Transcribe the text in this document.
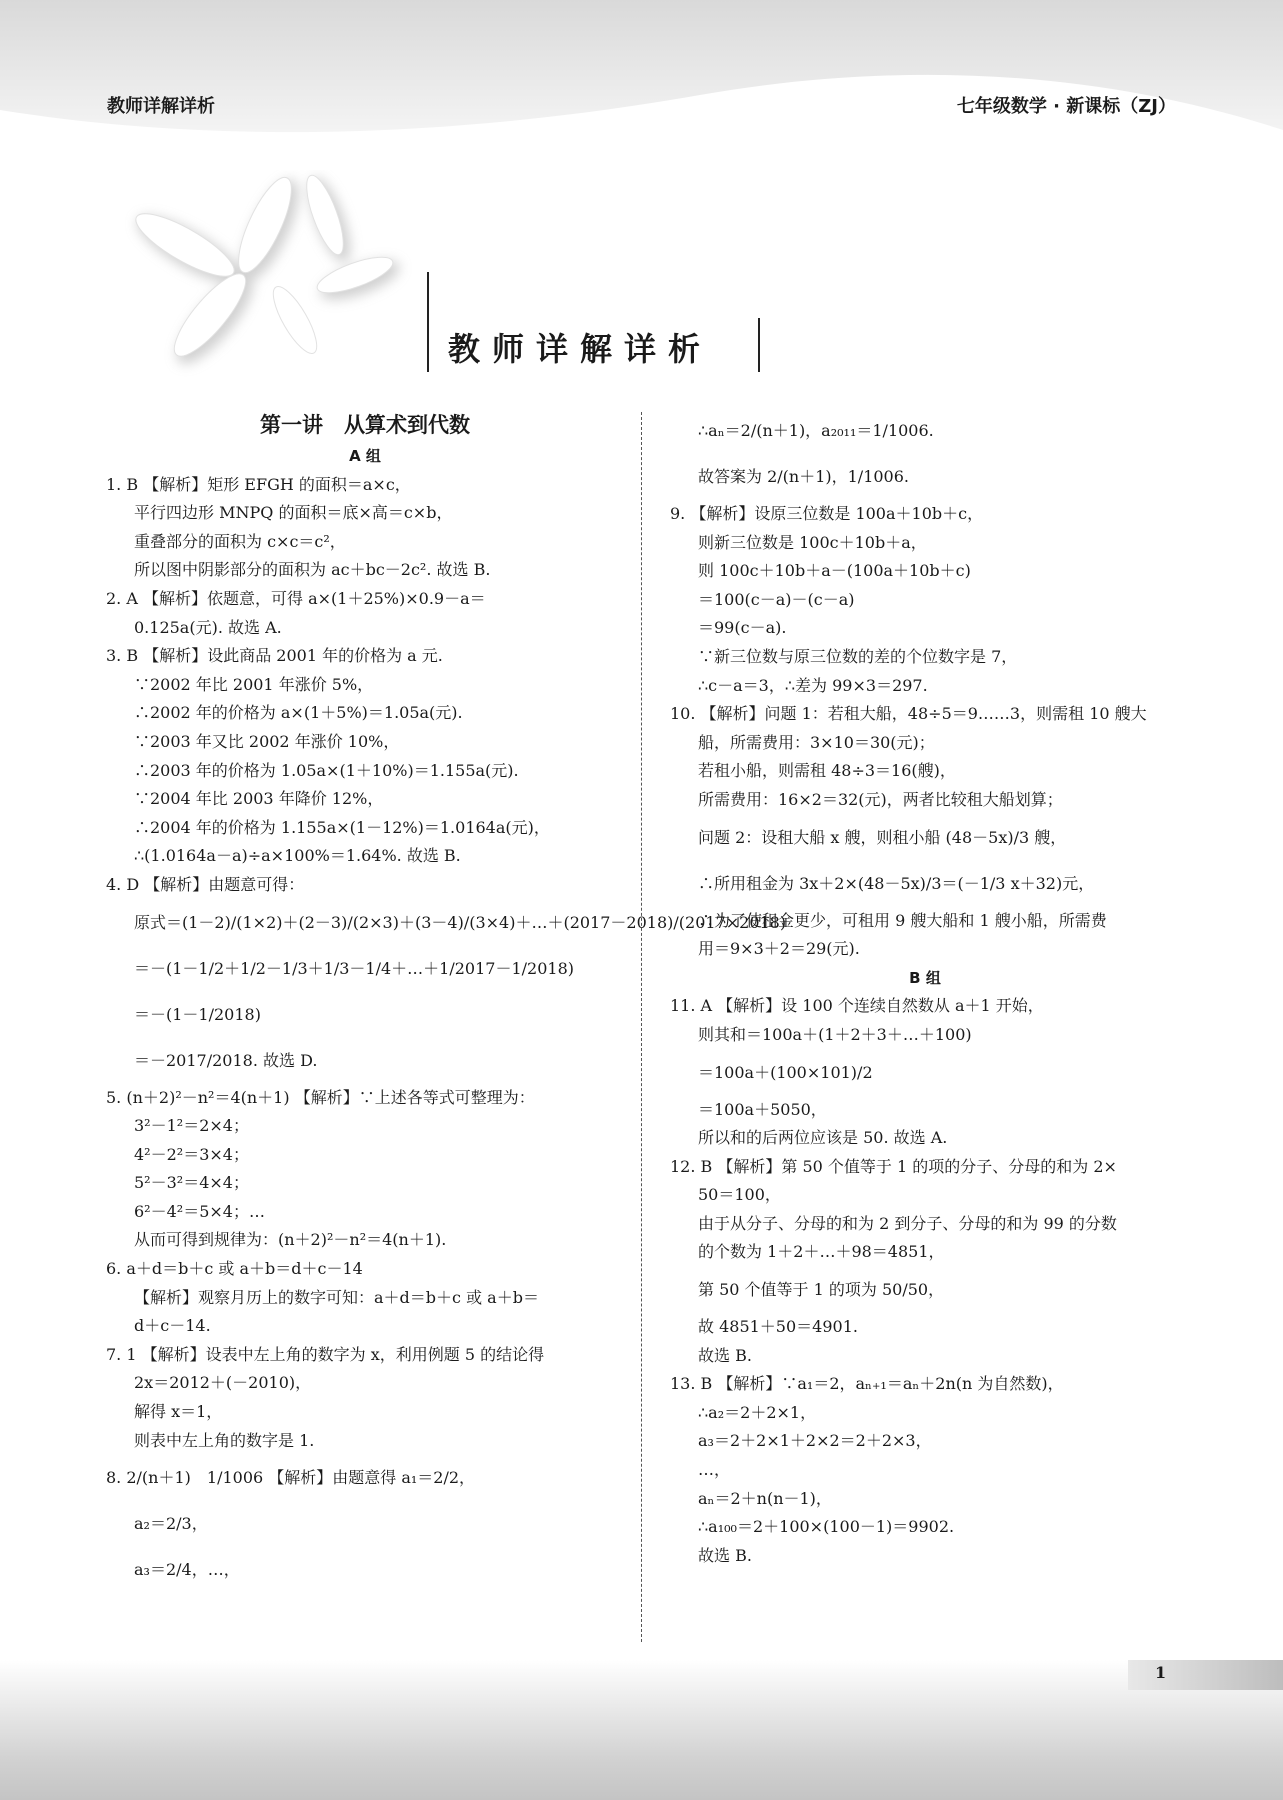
教师详解详析	七年级数学 · 新课标（ZJ）
教师详解详析
第一讲　从算术到代数
A 组
1. B 【解析】矩形 EFGH 的面积＝a×c，
平行四边形 MNPQ 的面积＝底×高＝c×b，
重叠部分的面积为 c×c＝c²，
所以图中阴影部分的面积为 ac＋bc－2c². 故选 B.
2. A 【解析】依题意，可得 a×(1＋25%)×0.9－a＝
0.125a(元). 故选 A.
3. B 【解析】设此商品 2001 年的价格为 a 元.
∵2002 年比 2001 年涨价 5%，
∴2002 年的价格为 a×(1＋5%)＝1.05a(元).
∵2003 年又比 2002 年涨价 10%，
∴2003 年的价格为 1.05a×(1＋10%)＝1.155a(元).
∵2004 年比 2003 年降价 12%，
∴2004 年的价格为 1.155a×(1－12%)＝1.0164a(元)，
∴(1.0164a－a)÷a×100%＝1.64%. 故选 B.
4. D 【解析】由题意可得：
原式＝(1－2)/(1×2)＋(2－3)/(2×3)＋(3－4)/(3×4)＋…＋(2017－2018)/(2017×2018)
＝－(1－1/2＋1/2－1/3＋1/3－1/4＋…＋1/2017－1/2018)
＝－(1－1/2018)
＝－2017/2018. 故选 D.
5. (n＋2)²－n²＝4(n＋1) 【解析】∵上述各等式可整理为：
3²－1²＝2×4；
4²－2²＝3×4；
5²－3²＝4×4；
6²－4²＝5×4；…
从而可得到规律为：(n＋2)²－n²＝4(n＋1).
6. a＋d＝b＋c 或 a＋b＝d＋c－14
【解析】观察月历上的数字可知：a＋d＝b＋c 或 a＋b＝
d＋c－14.
7. 1 【解析】设表中左上角的数字为 x，利用例题 5 的结论得
2x＝2012＋(－2010)，
解得 x＝1，
则表中左上角的数字是 1.
8. 2/(n＋1)　1/1006 【解析】由题意得 a₁＝2/2，
a₂＝2/3，
a₃＝2/4，…，
∴aₙ＝2/(n＋1)，a₂₀₁₁＝1/1006.
故答案为 2/(n＋1)，1/1006.
9. 【解析】设原三位数是 100a＋10b＋c，
则新三位数是 100c＋10b＋a，
则 100c＋10b＋a－(100a＋10b＋c)
＝100(c－a)－(c－a)
＝99(c－a).
∵新三位数与原三位数的差的个位数字是 7，
∴c－a＝3，∴差为 99×3＝297.
10. 【解析】问题 1：若租大船，48÷5＝9……3，则需租 10 艘大
船，所需费用：3×10＝30(元)；
若租小船，则需租 48÷3＝16(艘)，
所需费用：16×2＝32(元)，两者比较租大船划算；
问题 2：设租大船 x 艘，则租小船 (48－5x)/3 艘，
∴所用租金为 3x＋2×(48－5x)/3＝(－1/3 x＋32)元，
∴为了使租金更少，可租用 9 艘大船和 1 艘小船，所需费
用＝9×3＋2＝29(元).
B 组
11. A 【解析】设 100 个连续自然数从 a＋1 开始，
则其和＝100a＋(1＋2＋3＋…＋100)
＝100a＋(100×101)/2
＝100a＋5050，
所以和的后两位应该是 50. 故选 A.
12. B 【解析】第 50 个值等于 1 的项的分子、分母的和为 2×
50＝100，
由于从分子、分母的和为 2 到分子、分母的和为 99 的分数
的个数为 1＋2＋…＋98＝4851，
第 50 个值等于 1 的项为 50/50，
故 4851＋50＝4901.
故选 B.
13. B 【解析】∵a₁＝2，aₙ₊₁＝aₙ＋2n(n 为自然数)，
∴a₂＝2＋2×1，
a₃＝2＋2×1＋2×2＝2＋2×3，
…，
aₙ＝2＋n(n－1)，
∴a₁₀₀＝2＋100×(100－1)＝9902.
故选 B.
1
